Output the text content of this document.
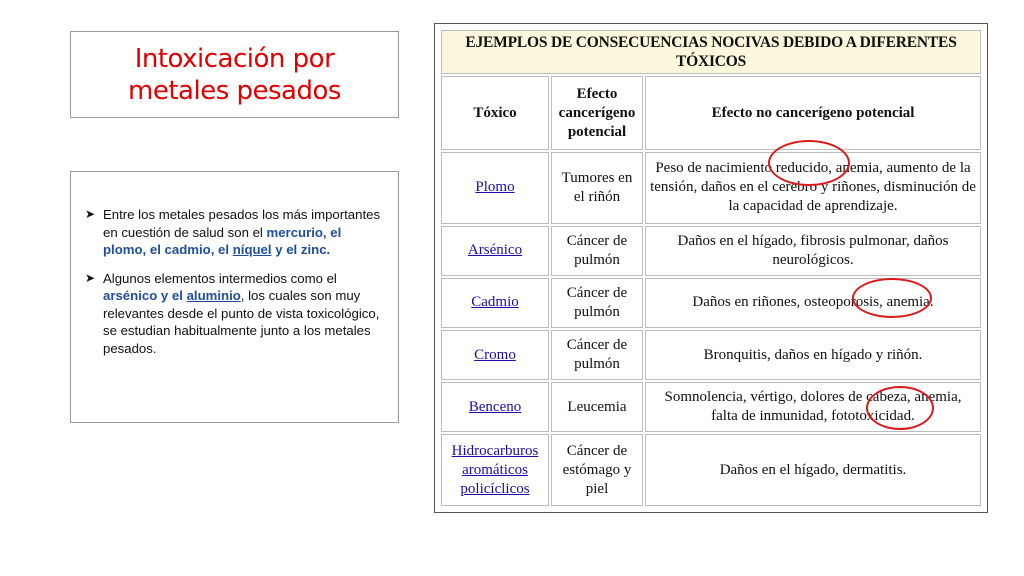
Intoxicación por
metales pesados
➤ Entre los metales pesados los más importantes en cuestión de salud son el mercurio, el plomo, el cadmio, el níquel y el zinc.
➤ Algunos elementos intermedios como el arsénico y el aluminio, los cuales son muy relevantes desde el punto de vista toxicológico, se estudian habitualmente junto a los metales pesados.
EJEMPLOS DE CONSECUENCIAS NOCIVAS DEBIDO A DIFERENTES TÓXICOS		
Tóxico	Efecto cancerígeno potencial	Efecto no cancerígeno potencial
Plomo	Tumores en el riñón	Peso de nacimiento reducido, anemia, aumento de la tensión, daños en el cerebro y riñones, disminución de la capacidad de aprendizaje.
Arsénico	Cáncer de pulmón	Daños en el hígado, fibrosis pulmonar, daños neurológicos.
Cadmio	Cáncer de pulmón	Daños en riñones, osteoporosis, anemia.
Cromo	Cáncer de pulmón	Bronquitis, daños en hígado y riñón.
Benceno	Leucemia	Somnolencia, vértigo, dolores de cabeza, anemia, falta de inmunidad, fototoxicidad.
Hidrocarburos aromáticos policíclicos	Cáncer de estómago y piel	Daños en el hígado, dermatitis.
